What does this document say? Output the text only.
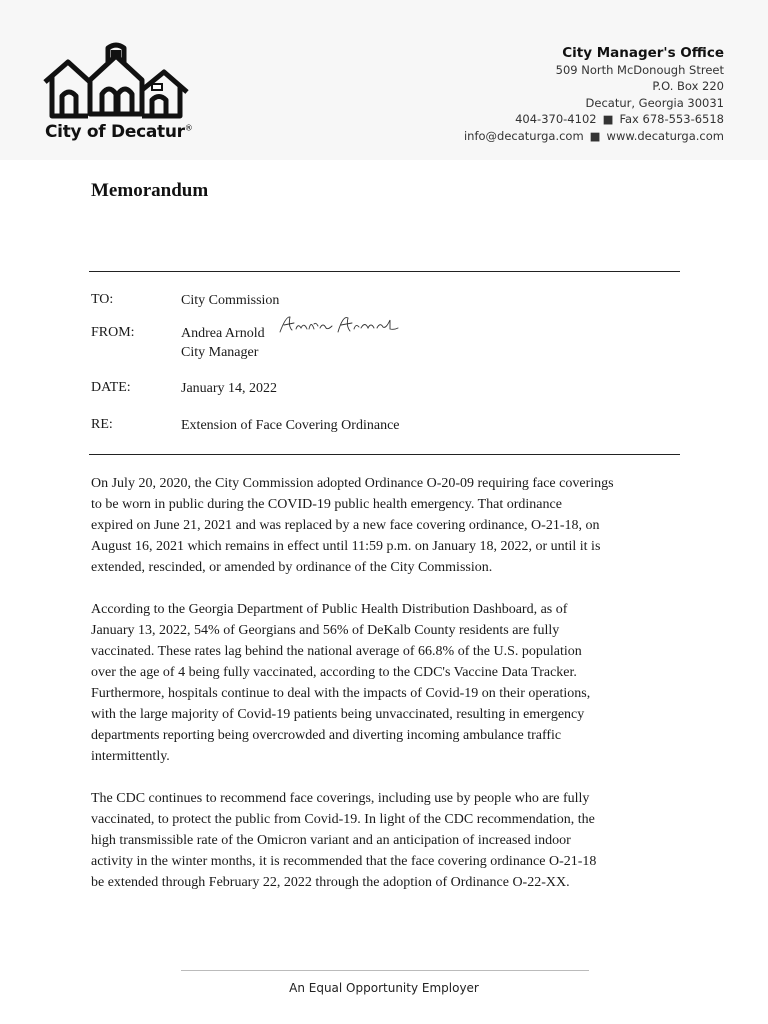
City of Decatur®
City Manager's Office
509 North McDonough Street
P.O. Box 220
Decatur, Georgia 30031
404-370-4102 ■ Fax 678-553-6518
info@decaturga.com ■ www.decaturga.com
Memorandum
TO:	City Commission
FROM:	Andrea Arnold
City Manager
DATE:	January 14, 2022
RE:	Extension of Face Covering Ordinance
On July 20, 2020, the City Commission adopted Ordinance O-20-09 requiring face coverings
to be worn in public during the COVID-19 public health emergency. That ordinance
expired on June 21, 2021 and was replaced by a new face covering ordinance, O-21-18, on
August 16, 2021 which remains in effect until 11:59 p.m. on January 18, 2022, or until it is
extended, rescinded, or amended by ordinance of the City Commission.
According to the Georgia Department of Public Health Distribution Dashboard, as of
January 13, 2022, 54% of Georgians and 56% of DeKalb County residents are fully
vaccinated. These rates lag behind the national average of 66.8% of the U.S. population
over the age of 4 being fully vaccinated, according to the CDC's Vaccine Data Tracker.
Furthermore, hospitals continue to deal with the impacts of Covid-19 on their operations,
with the large majority of Covid-19 patients being unvaccinated, resulting in emergency
departments reporting being overcrowded and diverting incoming ambulance traffic
intermittently.
The CDC continues to recommend face coverings, including use by people who are fully
vaccinated, to protect the public from Covid-19. In light of the CDC recommendation, the
high transmissible rate of the Omicron variant and an anticipation of increased indoor
activity in the winter months, it is recommended that the face covering ordinance O-21-18
be extended through February 22, 2022 through the adoption of Ordinance O-22-XX.
An Equal Opportunity Employer
